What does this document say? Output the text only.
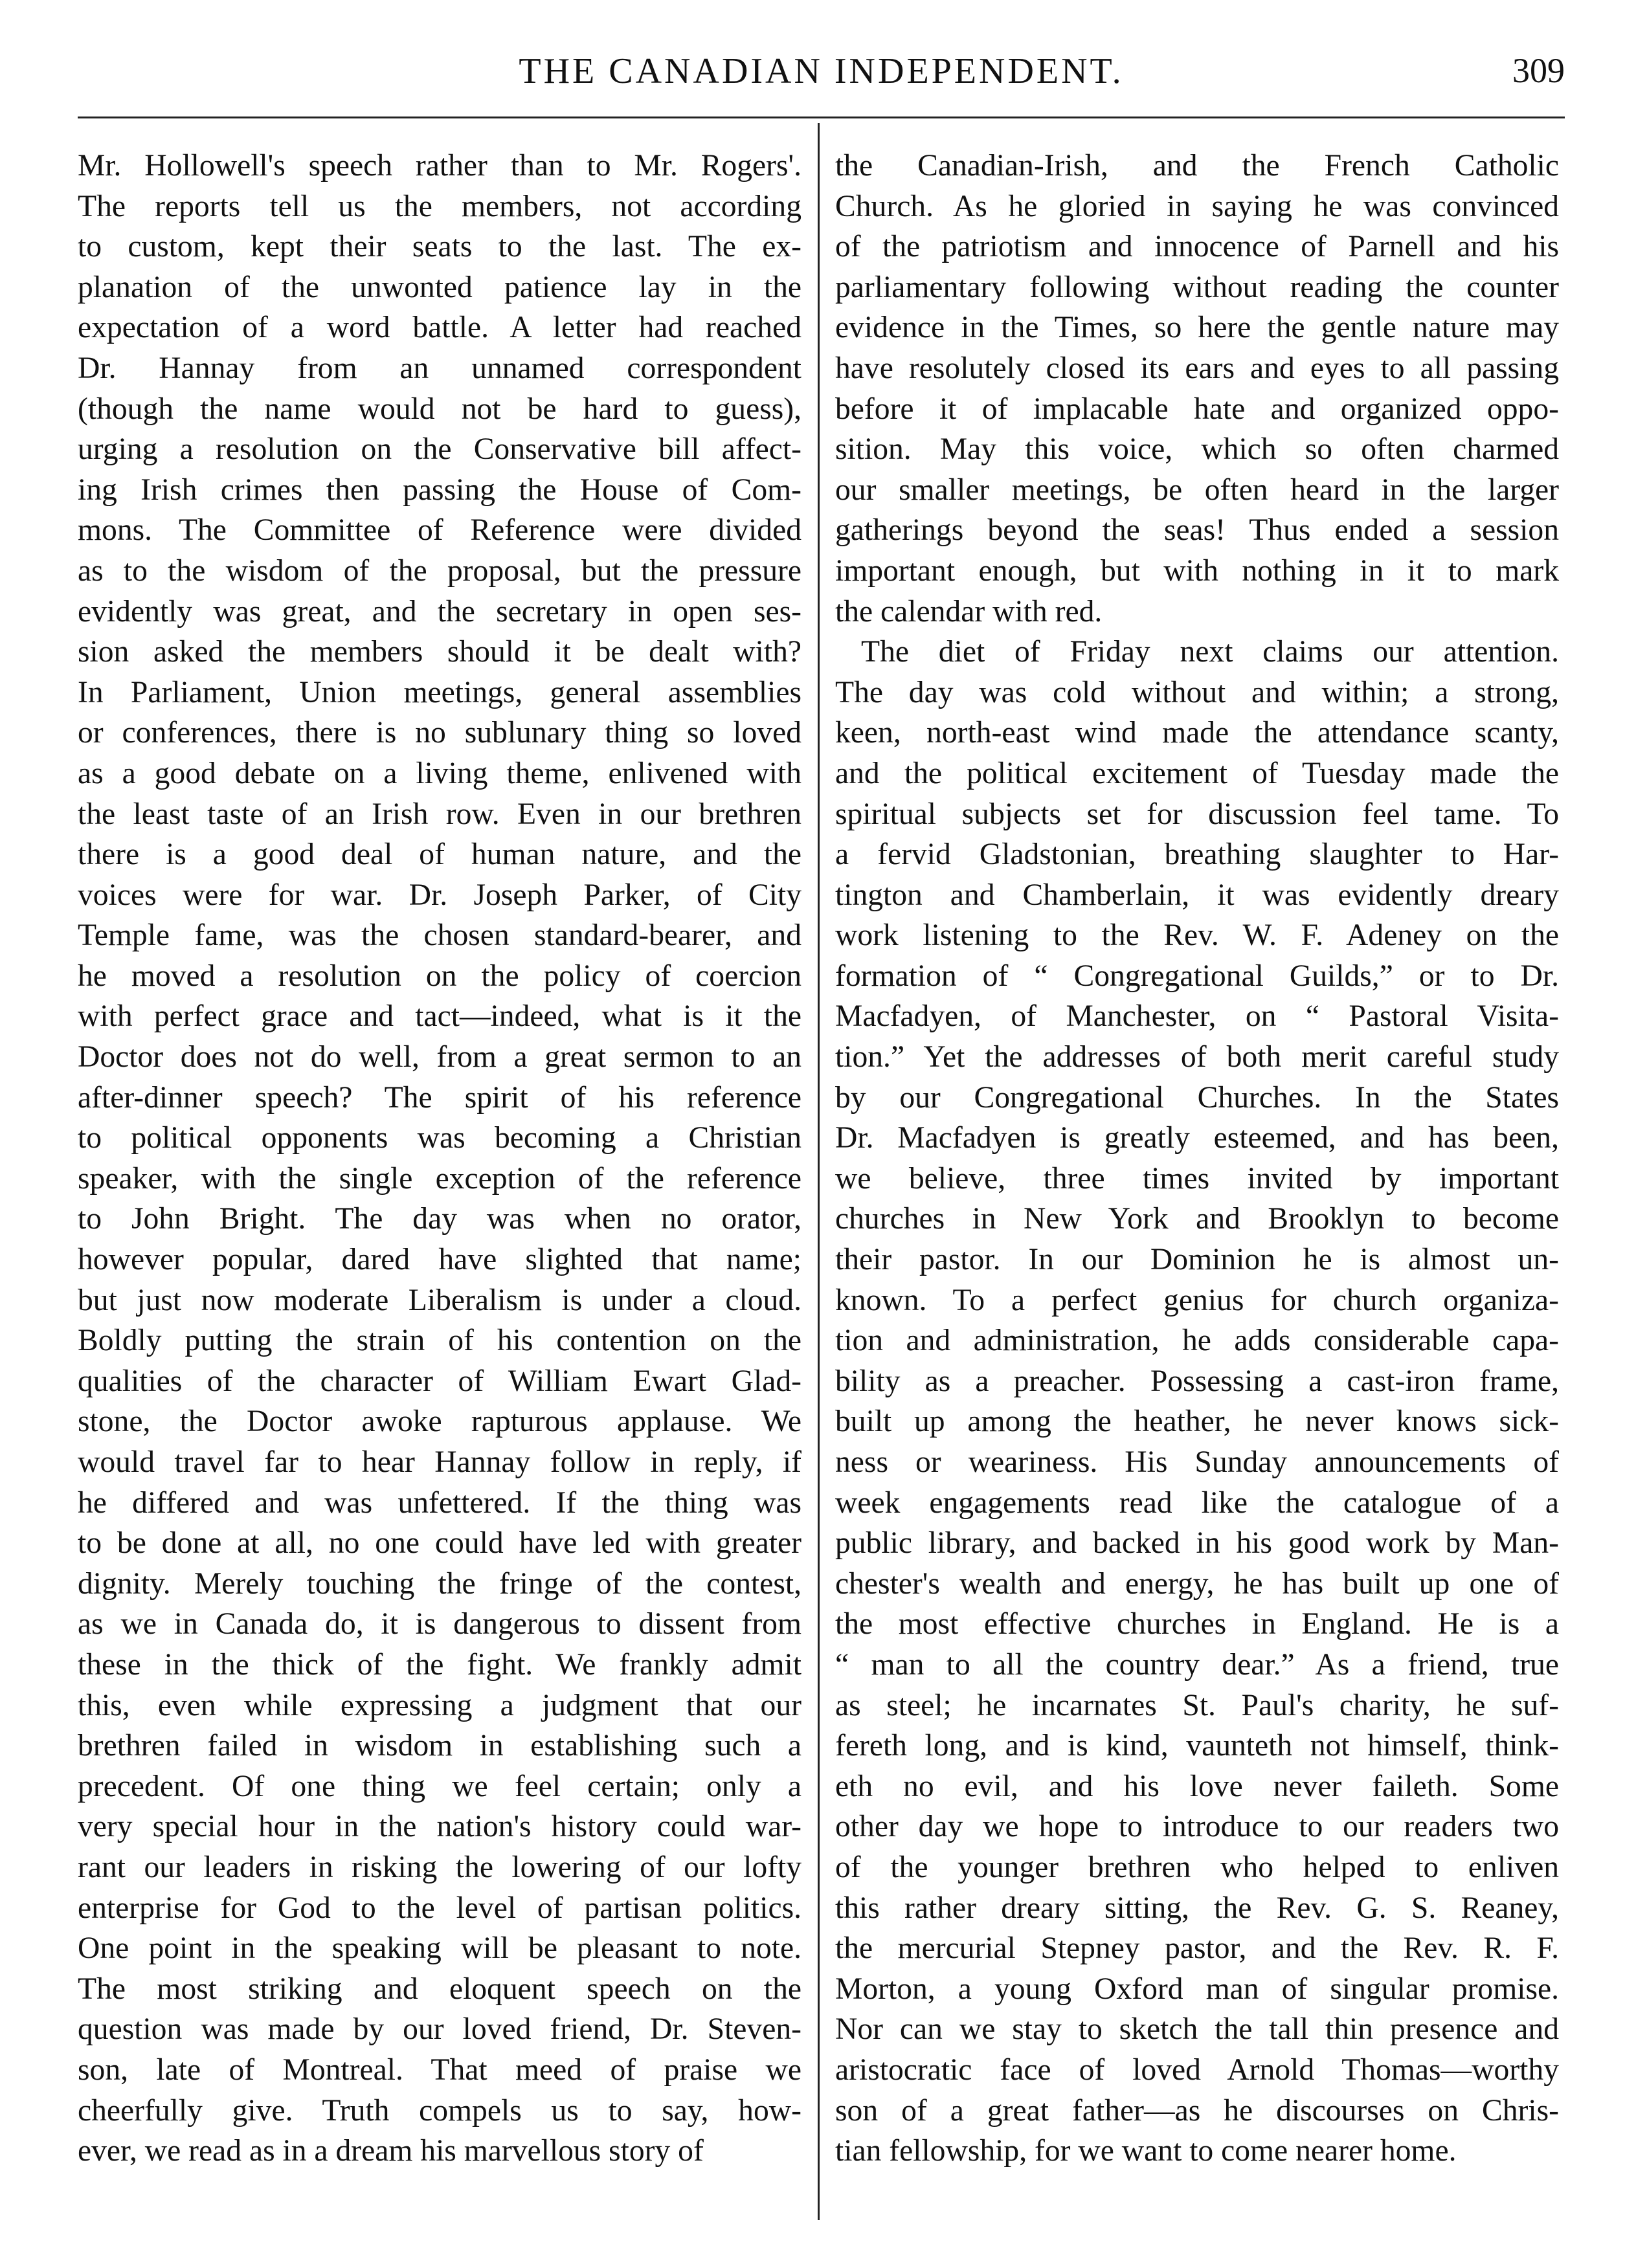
THE CANADIAN INDEPENDENT.	309
Mr. Hollowell's speech rather than to Mr. Rogers'.
The reports tell us the members, not according
to custom, kept their seats to the last. The ex-
planation of the unwonted patience lay in the
expectation of a word battle. A letter had reached
Dr. Hannay from an unnamed correspondent
(though the name would not be hard to guess),
urging a resolution on the Conservative bill affect-
ing Irish crimes then passing the House of Com-
mons. The Committee of Reference were divided
as to the wisdom of the proposal, but the pressure
evidently was great, and the secretary in open ses-
sion asked the members should it be dealt with?
In Parliament, Union meetings, general assemblies
or conferences, there is no sublunary thing so loved
as a good debate on a living theme, enlivened with
the least taste of an Irish row. Even in our brethren
there is a good deal of human nature, and the
voices were for war. Dr. Joseph Parker, of City
Temple fame, was the chosen standard-bearer, and
he moved a resolution on the policy of coercion
with perfect grace and tact—indeed, what is it the
Doctor does not do well, from a great sermon to an
after-dinner speech? The spirit of his reference
to political opponents was becoming a Christian
speaker, with the single exception of the reference
to John Bright. The day was when no orator,
however popular, dared have slighted that name;
but just now moderate Liberalism is under a cloud.
Boldly putting the strain of his contention on the
qualities of the character of William Ewart Glad-
stone, the Doctor awoke rapturous applause. We
would travel far to hear Hannay follow in reply, if
he differed and was unfettered. If the thing was
to be done at all, no one could have led with greater
dignity. Merely touching the fringe of the contest,
as we in Canada do, it is dangerous to dissent from
these in the thick of the fight. We frankly admit
this, even while expressing a judgment that our
brethren failed in wisdom in establishing such a
precedent. Of one thing we feel certain; only a
very special hour in the nation's history could war-
rant our leaders in risking the lowering of our lofty
enterprise for God to the level of partisan politics.
One point in the speaking will be pleasant to note.
The most striking and eloquent speech on the
question was made by our loved friend, Dr. Steven-
son, late of Montreal. That meed of praise we
cheerfully give. Truth compels us to say, how-
ever, we read as in a dream his marvellous story of
the Canadian-Irish, and the French Catholic
Church. As he gloried in saying he was convinced
of the patriotism and innocence of Parnell and his
parliamentary following without reading the counter
evidence in the Times, so here the gentle nature may
have resolutely closed its ears and eyes to all passing
before it of implacable hate and organized oppo-
sition. May this voice, which so often charmed
our smaller meetings, be often heard in the larger
gatherings beyond the seas! Thus ended a session
important enough, but with nothing in it to mark
the calendar with red.
The diet of Friday next claims our attention.
The day was cold without and within; a strong,
keen, north-east wind made the attendance scanty,
and the political excitement of Tuesday made the
spiritual subjects set for discussion feel tame. To
a fervid Gladstonian, breathing slaughter to Har-
tington and Chamberlain, it was evidently dreary
work listening to the Rev. W. F. Adeney on the
formation of “ Congregational Guilds,” or to Dr.
Macfadyen, of Manchester, on “ Pastoral Visita-
tion.” Yet the addresses of both merit careful study
by our Congregational Churches. In the States
Dr. Macfadyen is greatly esteemed, and has been,
we believe, three times invited by important
churches in New York and Brooklyn to become
their pastor. In our Dominion he is almost un-
known. To a perfect genius for church organiza-
tion and administration, he adds considerable capa-
bility as a preacher. Possessing a cast-iron frame,
built up among the heather, he never knows sick-
ness or weariness. His Sunday announcements of
week engagements read like the catalogue of a
public library, and backed in his good work by Man-
chester's wealth and energy, he has built up one of
the most effective churches in England. He is a
“ man to all the country dear.” As a friend, true
as steel; he incarnates St. Paul's charity, he suf-
fereth long, and is kind, vaunteth not himself, think-
eth no evil, and his love never faileth. Some
other day we hope to introduce to our readers two
of the younger brethren who helped to enliven
this rather dreary sitting, the Rev. G. S. Reaney,
the mercurial Stepney pastor, and the Rev. R. F.
Morton, a young Oxford man of singular promise.
Nor can we stay to sketch the tall thin presence and
aristocratic face of loved Arnold Thomas—worthy
son of a great father—as he discourses on Chris-
tian fellowship, for we want to come nearer home.
